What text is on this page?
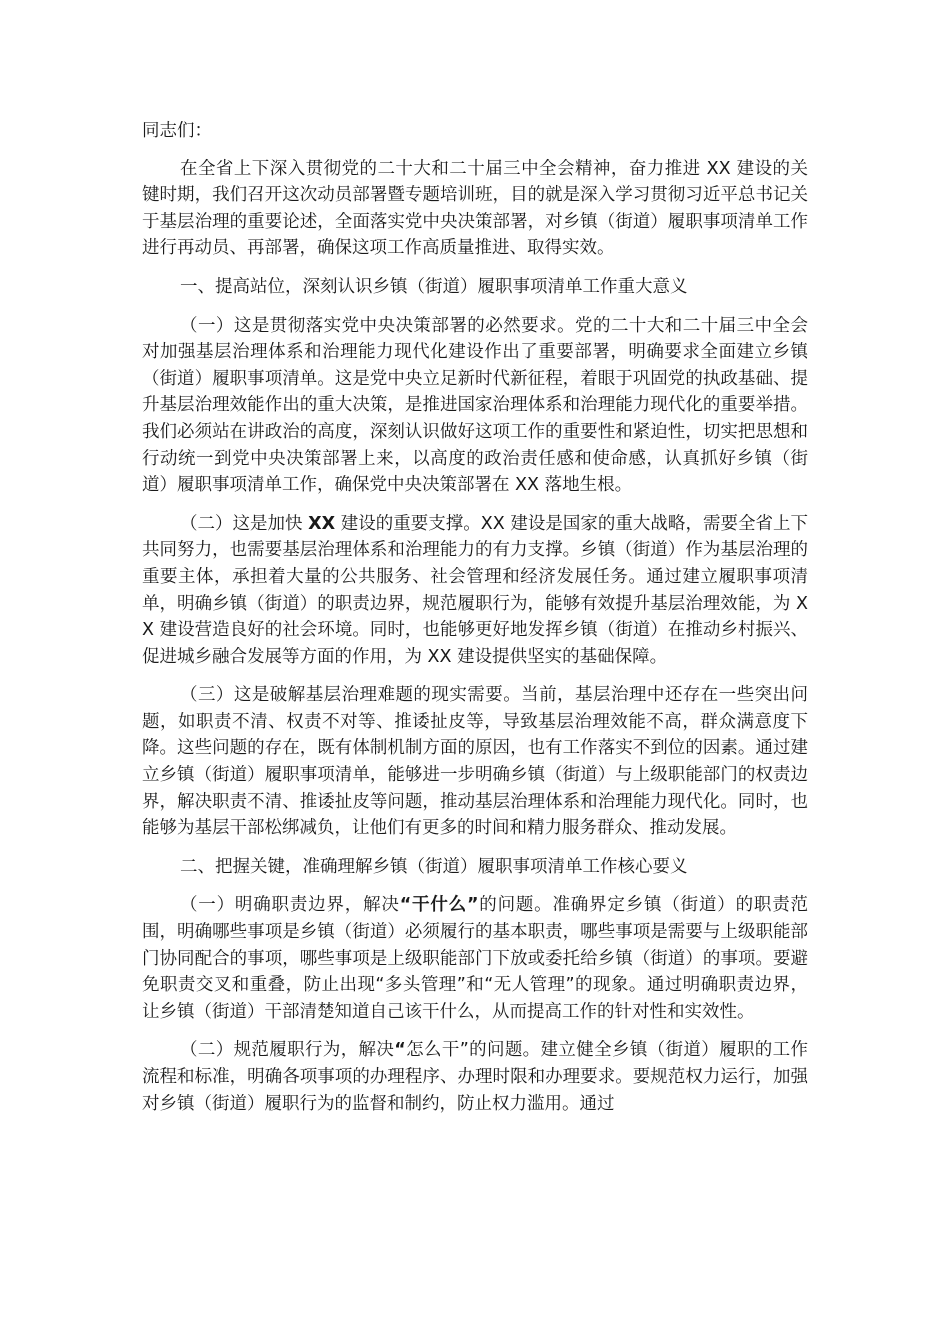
同志们：

在全省上下深入贯彻党的二十大和二十届三中全会精神，奋力推进 XX 建设的关键时期，我们召开这次动员部署暨专题培训班，目的就是深入学习贯彻习近平总书记关于基层治理的重要论述，全面落实党中央决策部署，对乡镇（街道）履职事项清单工作进行再动员、再部署，确保这项工作高质量推进、取得实效。

一、提高站位，深刻认识乡镇（街道）履职事项清单工作重大意义

（一）这是贯彻落实党中央决策部署的必然要求。党的二十大和二十届三中全会对加强基层治理体系和治理能力现代化建设作出了重要部署，明确要求全面建立乡镇（街道）履职事项清单。这是党中央立足新时代新征程，着眼于巩固党的执政基础、提升基层治理效能作出的重大决策，是推进国家治理体系和治理能力现代化的重要举措。我们必须站在讲政治的高度，深刻认识做好这项工作的重要性和紧迫性，切实把思想和行动统一到党中央决策部署上来，以高度的政治责任感和使命感，认真抓好乡镇（街道）履职事项清单工作，确保党中央决策部署在 XX 落地生根。

（二）这是加快 XX 建设的重要支撑。XX 建设是国家的重大战略，需要全省上下共同努力，也需要基层治理体系和治理能力的有力支撑。乡镇（街道）作为基层治理的重要主体，承担着大量的公共服务、社会管理和经济发展任务。通过建立履职事项清单，明确乡镇（街道）的职责边界，规范履职行为，能够有效提升基层治理效能，为 XX 建设营造良好的社会环境。同时，也能够更好地发挥乡镇（街道）在推动乡村振兴、促进城乡融合发展等方面的作用，为 XX 建设提供坚实的基础保障。

（三）这是破解基层治理难题的现实需要。当前，基层治理中还存在一些突出问题，如职责不清、权责不对等、推诿扯皮等，导致基层治理效能不高，群众满意度下降。这些问题的存在，既有体制机制方面的原因，也有工作落实不到位的因素。通过建立乡镇（街道）履职事项清单，能够进一步明确乡镇（街道）与上级职能部门的权责边界，解决职责不清、推诿扯皮等问题，推动基层治理体系和治理能力现代化。同时，也能够为基层干部松绑减负，让他们有更多的时间和精力服务群众、推动发展。

二、把握关键，准确理解乡镇（街道）履职事项清单工作核心要义

（一）明确职责边界，解决“干什么”的问题。准确界定乡镇（街道）的职责范围，明确哪些事项是乡镇（街道）必须履行的基本职责，哪些事项是需要与上级职能部门协同配合的事项，哪些事项是上级职能部门下放或委托给乡镇（街道）的事项。要避免职责交叉和重叠，防止出现“多头管理”和“无人管理”的现象。通过明确职责边界，让乡镇（街道）干部清楚知道自己该干什么，从而提高工作的针对性和实效性。

（二）规范履职行为，解决“怎么干”的问题。建立健全乡镇（街道）履职的工作流程和标准，明确各项事项的办理程序、办理时限和办理要求。要规范权力运行，加强对乡镇（街道）履职行为的监督和制约，防止权力滥用。通过
